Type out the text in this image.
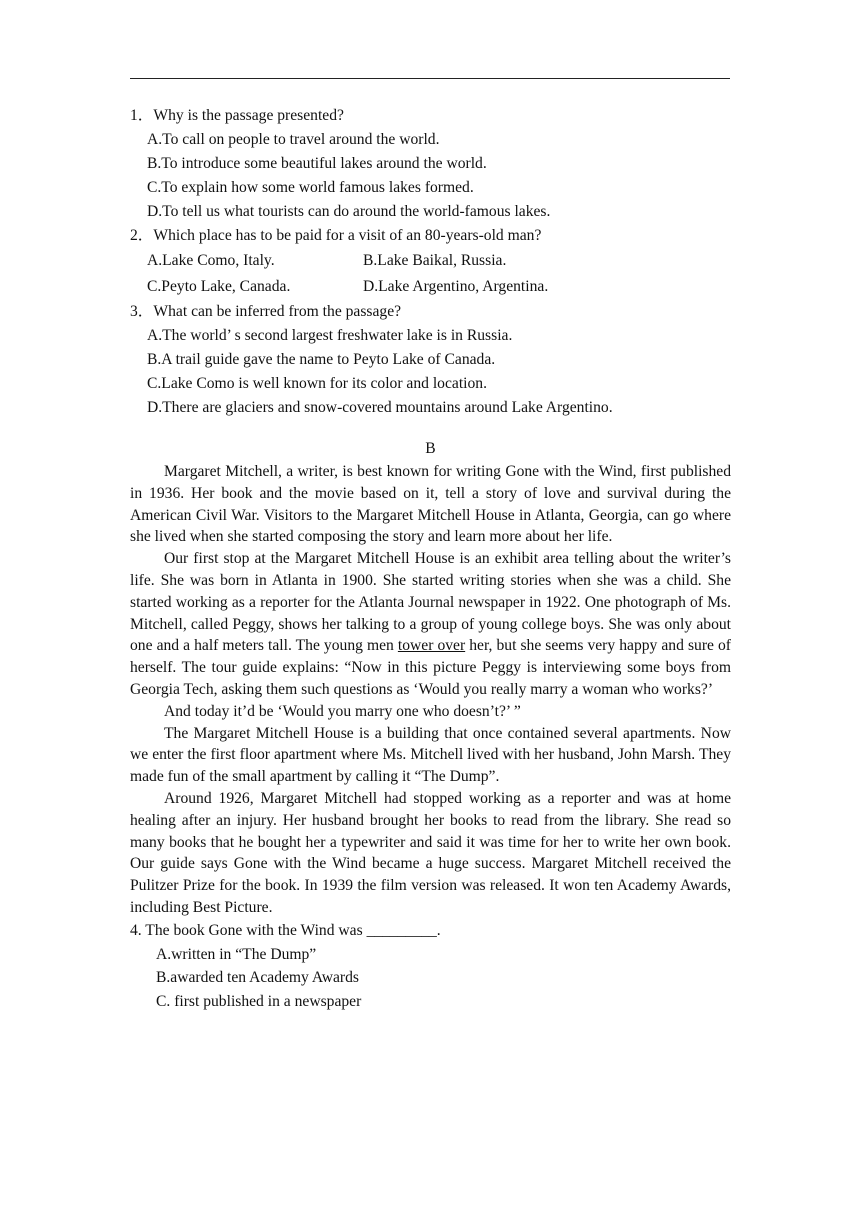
1．Why is the passage presented?
A.To call on people to travel around the world.
B.To introduce some beautiful lakes around the world.
C.To explain how some world famous lakes formed.
D.To tell us what tourists can do around the world-famous lakes.
2．Which place has to be paid for a visit of an 80-years-old man?
A.Lake Como, Italy.	B.Lake Baikal, Russia.
C.Peyto Lake, Canada.	D.Lake Argentino, Argentina.
3．What can be inferred from the passage?
A.The world’ s second largest freshwater lake is in Russia.
B.A trail guide gave the name to Peyto Lake of Canada.
C.Lake Como is well known for its color and location.
D.There are glaciers and snow-covered mountains around Lake Argentino.
B
Margaret Mitchell, a writer, is best known for writing Gone with the Wind, first published in 1936. Her book and the movie based on it, tell a story of love and survival during the American Civil War. Visitors to the Margaret Mitchell House in Atlanta, Georgia, can go where she lived when she started composing the story and learn more about her life.
Our first stop at the Margaret Mitchell House is an exhibit area telling about the writer’s life. She was born in Atlanta in 1900. She started writing stories when she was a child. She started working as a reporter for the Atlanta Journal newspaper in 1922. One photograph of Ms. Mitchell, called Peggy, shows her talking to a group of young college boys. She was only about one and a half meters tall. The young men tower over her, but she seems very happy and sure of herself. The tour guide explains: “Now in this picture Peggy is interviewing some boys from Georgia Tech, asking them such questions as ‘Would you really marry a woman who works?’
And today it’d be ‘Would you marry one who doesn’t?’ ”
The Margaret Mitchell House is a building that once contained several apartments. Now we enter the first floor apartment where Ms. Mitchell lived with her husband, John Marsh. They made fun of the small apartment by calling it “The Dump”.
Around 1926, Margaret Mitchell had stopped working as a reporter and was at home healing after an injury. Her husband brought her books to read from the library. She read so many books that he bought her a typewriter and said it was time for her to write her own book. Our guide says Gone with the Wind became a huge success. Margaret Mitchell received the Pulitzer Prize for the book. In 1939 the film version was released. It won ten Academy Awards, including Best Picture.
4. The book Gone with the Wind was _________.
A.written in “The Dump”
B.awarded ten Academy Awards
C. first published in a newspaper
